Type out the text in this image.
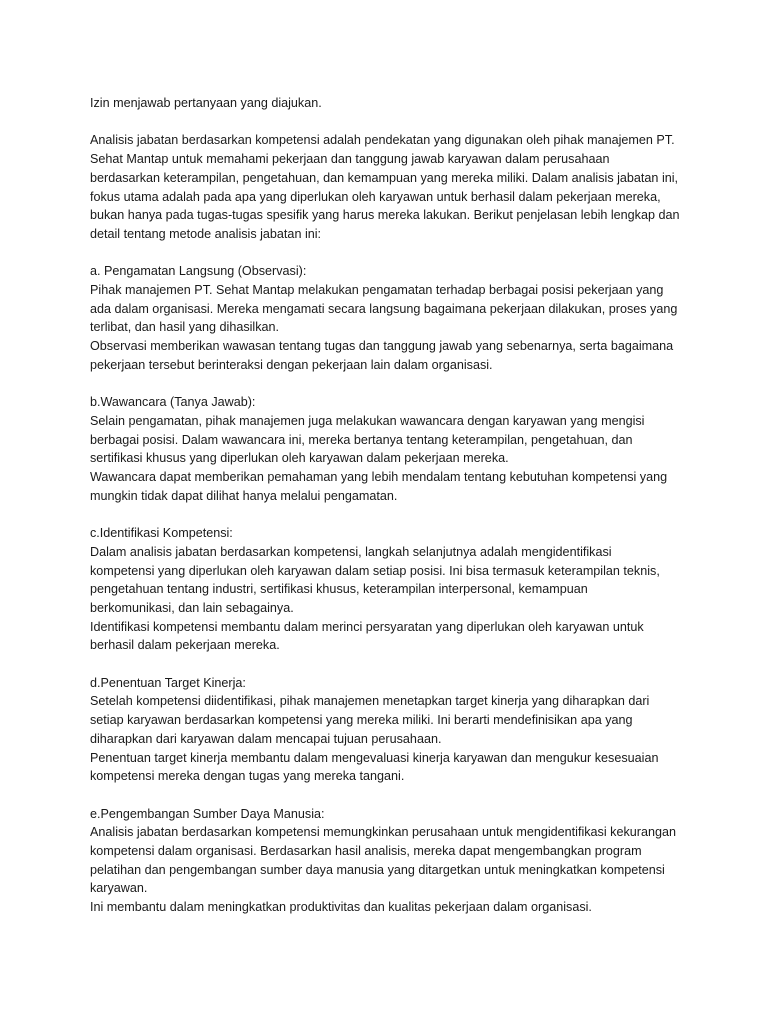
Izin menjawab pertanyaan yang diajukan.
Analisis jabatan berdasarkan kompetensi adalah pendekatan yang digunakan oleh pihak manajemen PT.
Sehat Mantap untuk memahami pekerjaan dan tanggung jawab karyawan dalam perusahaan
berdasarkan keterampilan, pengetahuan, dan kemampuan yang mereka miliki. Dalam analisis jabatan ini,
fokus utama adalah pada apa yang diperlukan oleh karyawan untuk berhasil dalam pekerjaan mereka,
bukan hanya pada tugas-tugas spesifik yang harus mereka lakukan. Berikut penjelasan lebih lengkap dan
detail tentang metode analisis jabatan ini:
a. Pengamatan Langsung (Observasi):
Pihak manajemen PT. Sehat Mantap melakukan pengamatan terhadap berbagai posisi pekerjaan yang
ada dalam organisasi. Mereka mengamati secara langsung bagaimana pekerjaan dilakukan, proses yang
terlibat, dan hasil yang dihasilkan.
Observasi memberikan wawasan tentang tugas dan tanggung jawab yang sebenarnya, serta bagaimana
pekerjaan tersebut berinteraksi dengan pekerjaan lain dalam organisasi.
b.Wawancara (Tanya Jawab):
Selain pengamatan, pihak manajemen juga melakukan wawancara dengan karyawan yang mengisi
berbagai posisi. Dalam wawancara ini, mereka bertanya tentang keterampilan, pengetahuan, dan
sertifikasi khusus yang diperlukan oleh karyawan dalam pekerjaan mereka.
Wawancara dapat memberikan pemahaman yang lebih mendalam tentang kebutuhan kompetensi yang
mungkin tidak dapat dilihat hanya melalui pengamatan.
c.Identifikasi Kompetensi:
Dalam analisis jabatan berdasarkan kompetensi, langkah selanjutnya adalah mengidentifikasi
kompetensi yang diperlukan oleh karyawan dalam setiap posisi. Ini bisa termasuk keterampilan teknis,
pengetahuan tentang industri, sertifikasi khusus, keterampilan interpersonal, kemampuan
berkomunikasi, dan lain sebagainya.
Identifikasi kompetensi membantu dalam merinci persyaratan yang diperlukan oleh karyawan untuk
berhasil dalam pekerjaan mereka.
d.Penentuan Target Kinerja:
Setelah kompetensi diidentifikasi, pihak manajemen menetapkan target kinerja yang diharapkan dari
setiap karyawan berdasarkan kompetensi yang mereka miliki. Ini berarti mendefinisikan apa yang
diharapkan dari karyawan dalam mencapai tujuan perusahaan.
Penentuan target kinerja membantu dalam mengevaluasi kinerja karyawan dan mengukur kesesuaian
kompetensi mereka dengan tugas yang mereka tangani.
e.Pengembangan Sumber Daya Manusia:
Analisis jabatan berdasarkan kompetensi memungkinkan perusahaan untuk mengidentifikasi kekurangan
kompetensi dalam organisasi. Berdasarkan hasil analisis, mereka dapat mengembangkan program
pelatihan dan pengembangan sumber daya manusia yang ditargetkan untuk meningkatkan kompetensi
karyawan.
Ini membantu dalam meningkatkan produktivitas dan kualitas pekerjaan dalam organisasi.
